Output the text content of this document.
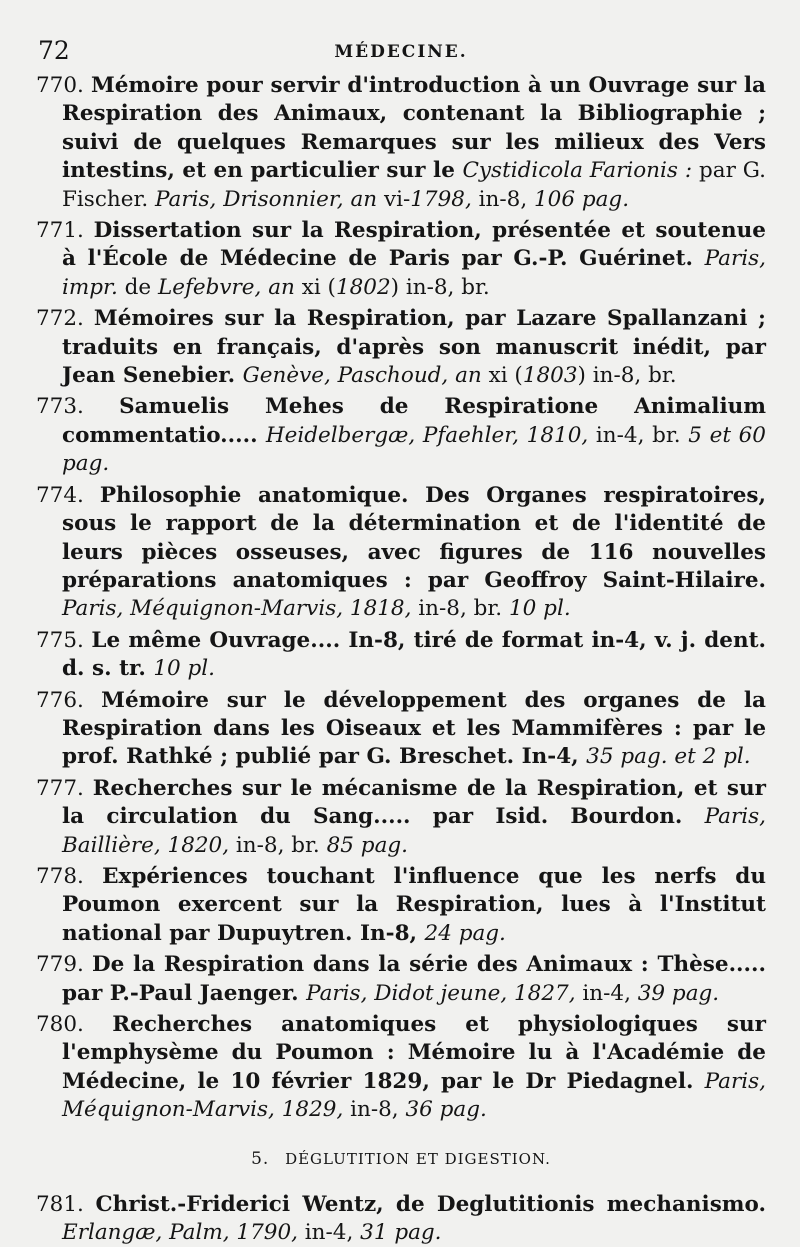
72	MÉDECINE.
770. Mémoire pour servir d'introduction à un Ouvrage sur la Respiration des Animaux, contenant la Bibliographie ; suivi de quelques Remarques sur les milieux des Vers intestins, et en particulier sur le Cystidicola Farionis : par G. Fischer. Paris, Drisonnier, an vi-1798, in-8, 106 pag.
771. Dissertation sur la Respiration, présentée et soutenue à l'École de Médecine de Paris par G.-P. Guérinet. Paris, impr. de Lefebvre, an xi (1802) in-8, br.
772. Mémoires sur la Respiration, par Lazare Spallanzani ; traduits en français, d'après son manuscrit inédit, par Jean Senebier. Genève, Paschoud, an xi (1803) in-8, br.
773. Samuelis Mehes de Respiratione Animalium commentatio..... Heidelbergæ, Pfaehler, 1810, in-4, br. 5 et 60 pag.
774. Philosophie anatomique. Des Organes respiratoires, sous le rapport de la détermination et de l'identité de leurs pièces osseuses, avec figures de 116 nouvelles préparations anatomiques : par Geoffroy Saint-Hilaire. Paris, Méquignon-Marvis, 1818, in-8, br. 10 pl.
775. Le même Ouvrage.... In-8, tiré de format in-4, v. j. dent. d. s. tr. 10 pl.
776. Mémoire sur le développement des organes de la Respiration dans les Oiseaux et les Mammifères : par le prof. Rathké ; publié par G. Breschet. In-4, 35 pag. et 2 pl.
777. Recherches sur le mécanisme de la Respiration, et sur la circulation du Sang..... par Isid. Bourdon. Paris, Baillière, 1820, in-8, br. 85 pag.
778. Expériences touchant l'influence que les nerfs du Poumon exercent sur la Respiration, lues à l'Institut national par Dupuytren. In-8, 24 pag.
779. De la Respiration dans la série des Animaux : Thèse..... par P.-Paul Jaenger. Paris, Didot jeune, 1827, in-4, 39 pag.
780. Recherches anatomiques et physiologiques sur l'emphysème du Poumon : Mémoire lu à l'Académie de Médecine, le 10 février 1829, par le Dr Piedagnel. Paris, Méquignon-Marvis, 1829, in-8, 36 pag.
5. DÉGLUTITION ET DIGESTION.
781. Christ.-Friderici Wentz, de Deglutitionis mechanismo. Erlangæ, Palm, 1790, in-4, 31 pag.
